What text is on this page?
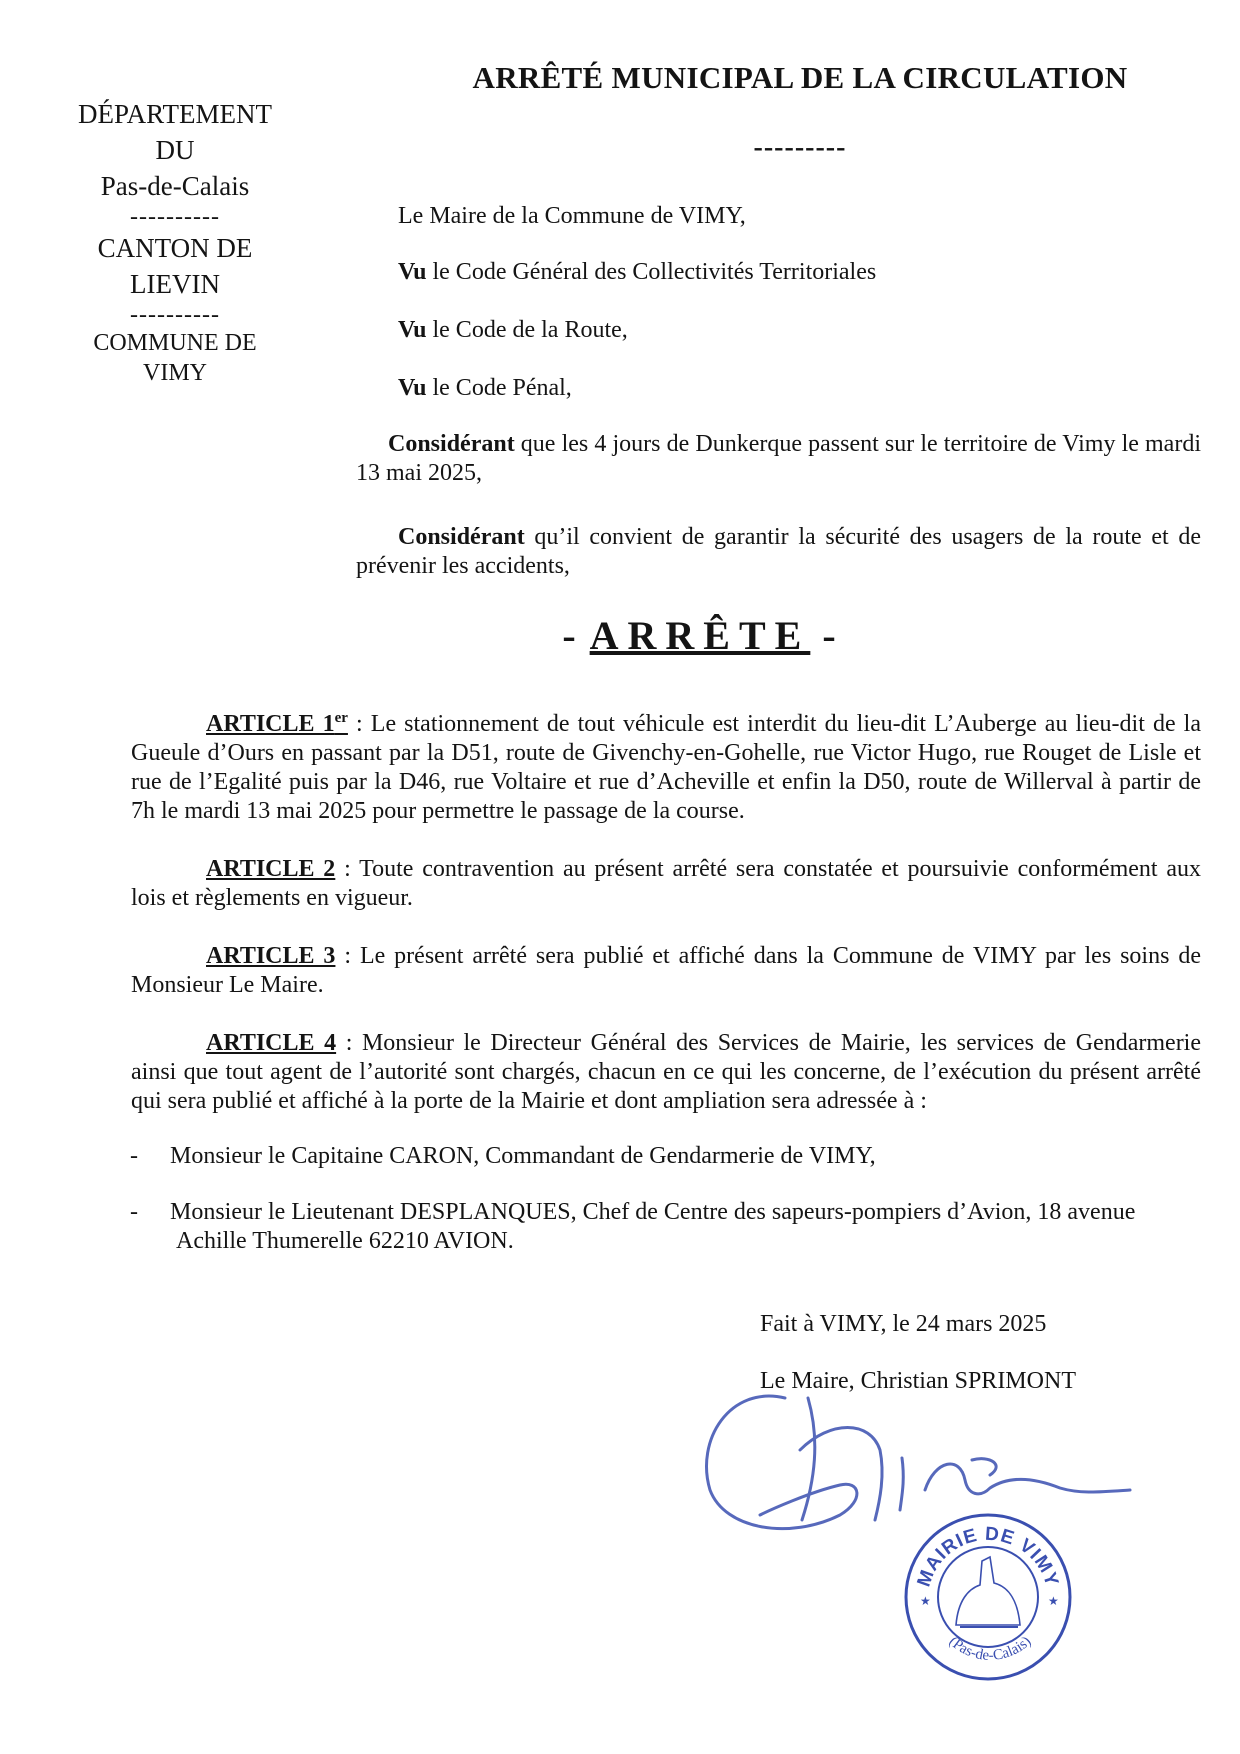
DÉPARTEMENT
DU
Pas-de-Calais
----------
CANTON DE
LIEVIN
----------
COMMUNE DE
VIMY
ARRÊTÉ MUNICIPAL DE LA CIRCULATION
---------
Le Maire de la Commune de VIMY,
Vu le Code Général des Collectivités Territoriales
Vu le Code de la Route,
Vu le Code Pénal,
Considérant que les 4 jours de Dunkerque passent sur le territoire de Vimy le mardi 13 mai 2025,
Considérant qu’il convient de garantir la sécurité des usagers de la route et de prévenir les accidents,
- ARRÊTE -
ARTICLE 1er : Le stationnement de tout véhicule est interdit du lieu-dit L’Auberge au lieu-dit de la Gueule d’Ours en passant par la D51, route de Givenchy-en-Gohelle, rue Victor Hugo, rue Rouget de Lisle et rue de l’Egalité puis par la D46, rue Voltaire et rue d’Acheville et enfin la D50, route de Willerval à partir de 7h le mardi 13 mai 2025 pour permettre le passage de la course.
ARTICLE 2 : Toute contravention au présent arrêté sera constatée et poursuivie conformément aux lois et règlements en vigueur.
ARTICLE 3 : Le présent arrêté sera publié et affiché dans la Commune de VIMY par les soins de Monsieur Le Maire.
ARTICLE 4 : Monsieur le Directeur Général des Services de Mairie, les services de Gendarmerie ainsi que tout agent de l’autorité sont chargés, chacun en ce qui les concerne, de l’exécution du présent arrêté qui sera publié et affiché à la porte de la Mairie et dont ampliation sera adressée à :
- Monsieur le Capitaine CARON, Commandant de Gendarmerie de VIMY,
- Monsieur le Lieutenant DESPLANQUES, Chef de Centre des sapeurs-pompiers d’Avion, 18 avenue
Achille Thumerelle 62210 AVION.
Fait à VIMY, le 24 mars 2025
Le Maire, Christian SPRIMONT
MAIRIE DE VIMY
(Pas-de-Calais)
★	★
